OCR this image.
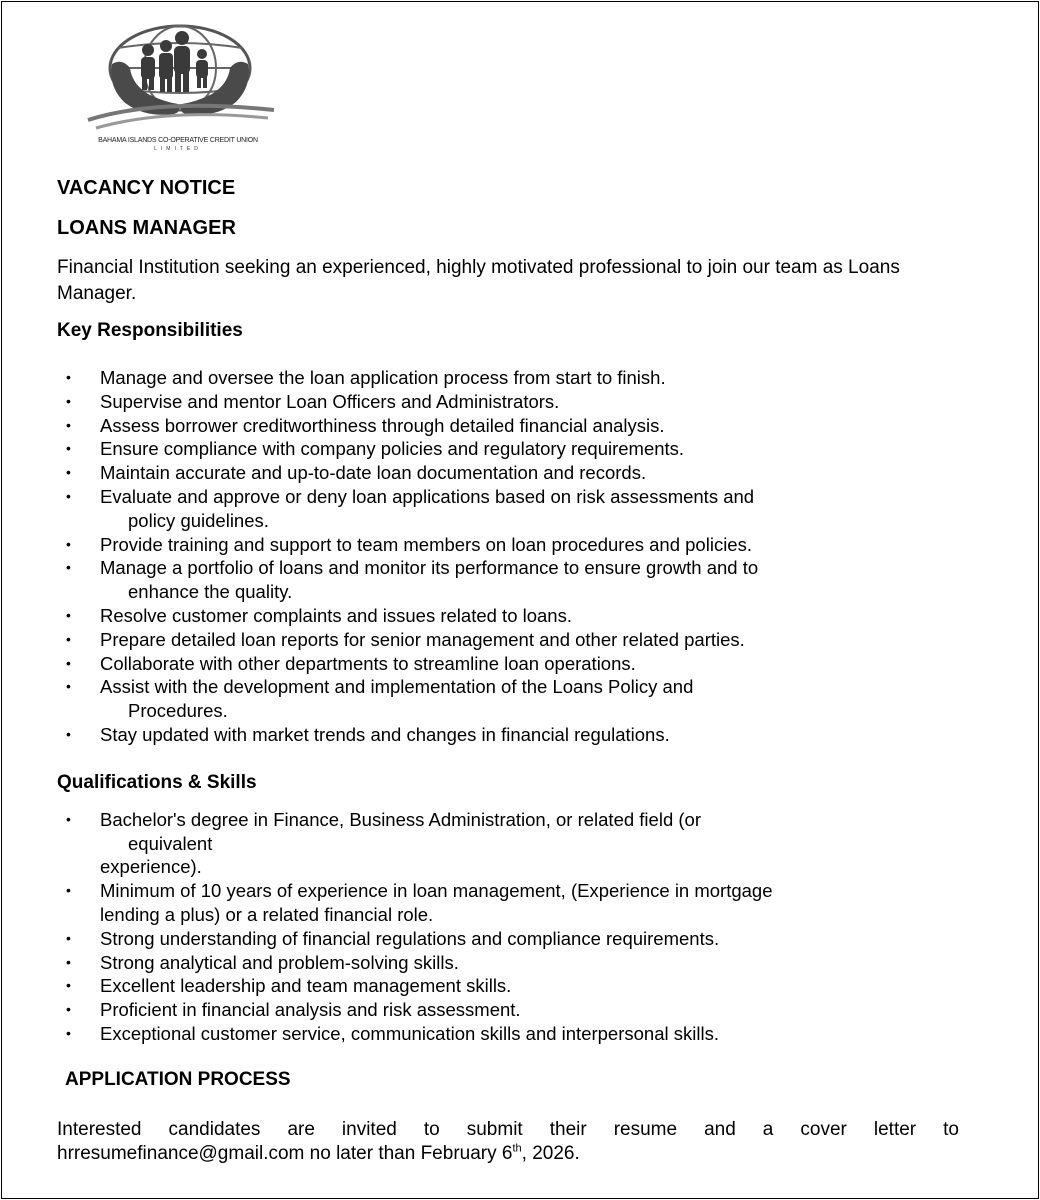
BAHAMA ISLANDS CO-OPERATIVE CREDIT UNION
LIMITED
VACANCY NOTICE
LOANS MANAGER

Financial Institution seeking an experienced, highly motivated professional to join our team as Loans Manager.

Key Responsibilities
• Manage and oversee the loan application process from start to finish.
• Supervise and mentor Loan Officers and Administrators.
• Assess borrower creditworthiness through detailed financial analysis.
• Ensure compliance with company policies and regulatory requirements.
• Maintain accurate and up-to-date loan documentation and records.
• Evaluate and approve or deny loan applications based on risk assessments and
policy guidelines.
• Provide training and support to team members on loan procedures and policies.
• Manage a portfolio of loans and monitor its performance to ensure growth and to
enhance the quality.
• Resolve customer complaints and issues related to loans.
• Prepare detailed loan reports for senior management and other related parties.
• Collaborate with other departments to streamline loan operations.
• Assist with the development and implementation of the Loans Policy and
Procedures.
• Stay updated with market trends and changes in financial regulations.
Qualifications & Skills
• Bachelor's degree in Finance, Business Administration, or related field (or
equivalent
experience).
• Minimum of 10 years of experience in loan management, (Experience in mortgage
lending a plus) or a related financial role.
• Strong understanding of financial regulations and compliance requirements.
• Strong analytical and problem-solving skills.
• Excellent leadership and team management skills.
• Proficient in financial analysis and risk assessment.
• Exceptional customer service, communication skills and interpersonal skills.
APPLICATION PROCESS

Interested candidates are invited to submit their resume and a cover letter to
hrresumefinance@gmail.com no later than February 6th, 2026.
